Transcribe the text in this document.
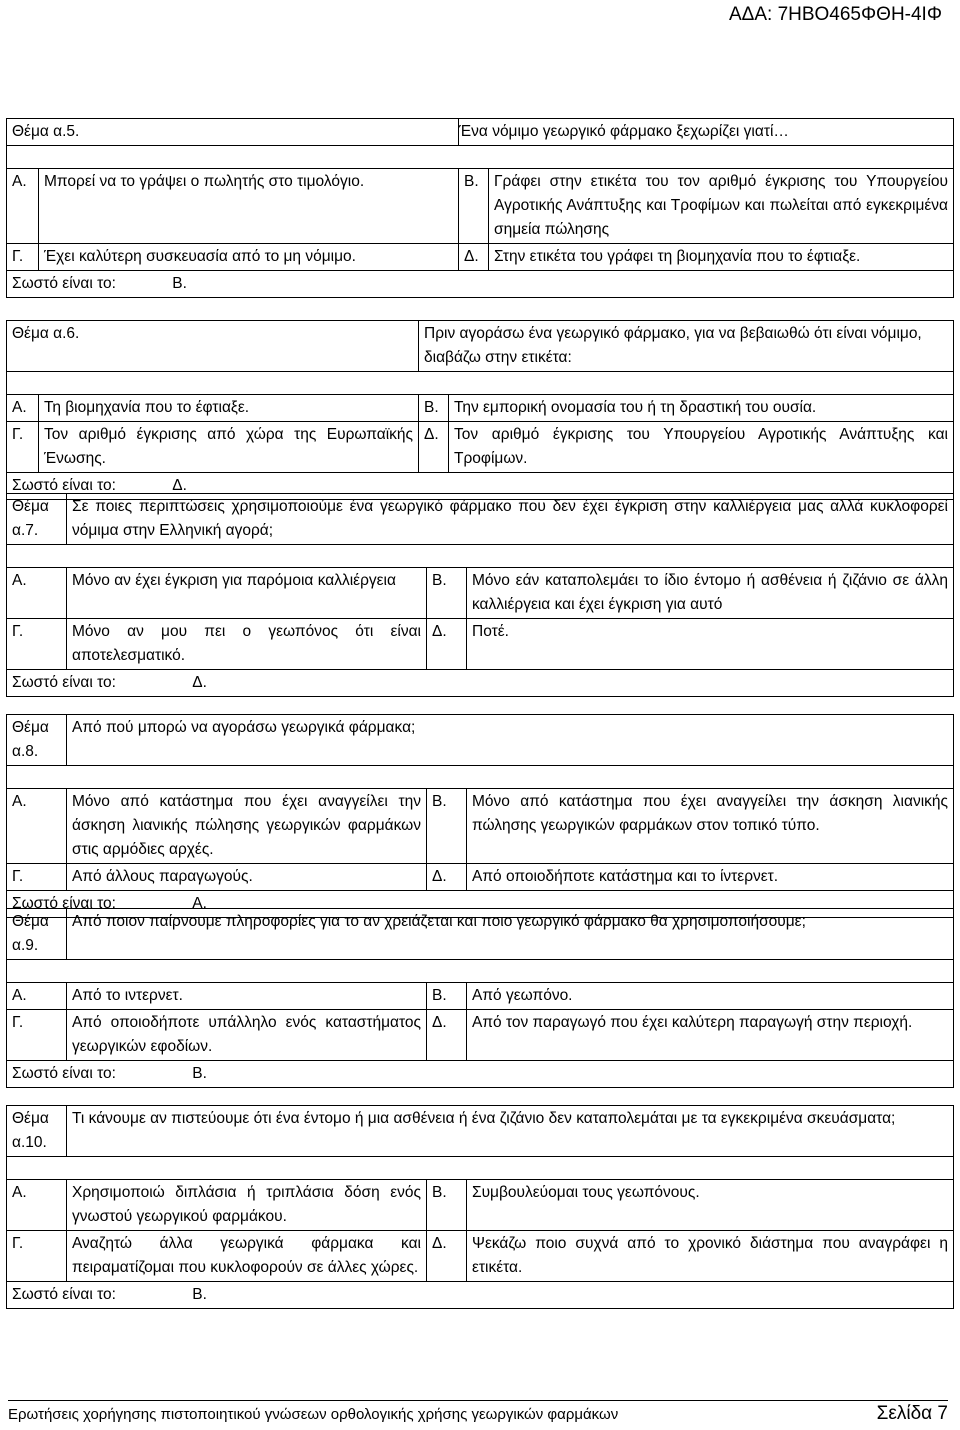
ΑΔΑ: 7ΗΒΟ465ΦΘΗ-4ΙΦ
Θέμα α.5.		Ένα νόμιμο γεωργικό φάρμακο ξεχωρίζει γιατί…	

Α.	Μπορεί να το γράψει ο πωλητής στο τιμολόγιο.	Β.	Γράφει στην ετικέτα του τον αριθμό έγκρισης του Υπουργείου Αγροτικής Ανάπτυξης και Τροφίμων και πωλείται από εγκεκριμένα σημεία πώλησης
Γ.	Έχει καλύτερη συσκευασία από το μη νόμιμο.	Δ.	Στην ετικέτα του γράφει τη βιομηχανία που το έφτιαξε.
Σωστό είναι το: Β.			
Θέμα α.6.		Πριν αγοράσω ένα γεωργικό φάρμακο, για να βεβαιωθώ ότι είναι νόμιμο, διαβάζω στην ετικέτα:	

Α.	Τη βιομηχανία που το έφτιαξε.	Β.	Την εμπορική ονομασία του ή τη δραστική του ουσία.
Γ.	Τον αριθμό έγκρισης από χώρα της Ευρωπαϊκής Ένωσης.	Δ.	Τον αριθμό έγκρισης του Υπουργείου Αγροτικής Ανάπτυξης και Τροφίμων.
Σωστό είναι το: Δ.			
Θέμα α.7.	Σε ποιες περιπτώσεις χρησιμοποιούμε ένα γεωργικό φάρμακο που δεν έχει έγκριση στην καλλιέργεια μας αλλά κυκλοφορεί νόμιμα στην Ελληνική αγορά;		

Α.	Μόνο αν έχει έγκριση για παρόμοια καλλιέργεια	Β.	Μόνο εάν καταπολεμάει το ίδιο έντομο ή ασθένεια ή ζιζάνιο σε άλλη καλλιέργεια και έχει έγκριση για αυτό
Γ.	Μόνο αν μου πει ο γεωπόνος ότι είναι αποτελεσματικό.	Δ.	Ποτέ.
Σωστό είναι το: Δ.			
Θέμα α.8.	Από πού μπορώ να αγοράσω γεωργικά φάρμακα;		

Α.	Μόνο από κατάστημα που έχει αναγγείλει την άσκηση λιανικής πώλησης γεωργικών φαρμάκων στις αρμόδιες αρχές.	Β.	Μόνο από κατάστημα που έχει αναγγείλει την άσκηση λιανικής πώλησης γεωργικών φαρμάκων στον τοπικό τύπο.
Γ.	Από άλλους παραγωγούς.	Δ.	Από οποιοδήποτε κατάστημα και το ίντερνετ.
Σωστό είναι το: Α.			
Θέμα α.9.	Από ποιον παίρνουμε πληροφορίες για το αν χρειάζεται και ποιο γεωργικό φάρμακο θα χρησιμοποιήσουμε;		

Α.	Από το ιντερνετ.	Β.	Από γεωπόνο.
Γ.	Από οποιοδήποτε υπάλληλο ενός καταστήματος γεωργικών εφοδίων.	Δ.	Από τον παραγωγό που έχει καλύτερη παραγωγή στην περιοχή.
Σωστό είναι το: Β.			
Θέμα α.10.	Τι κάνουμε αν πιστεύουμε ότι ένα έντομο ή μια ασθένεια ή ένα ζιζάνιο δεν καταπολεμάται με τα εγκεκριμένα σκευάσματα;		

Α.	Χρησιμοποιώ διπλάσια ή τριπλάσια δόση ενός γνωστού γεωργικού φαρμάκου.	Β.	Συμβουλεύομαι τους γεωπόνους.
Γ.	Αναζητώ άλλα γεωργικά φάρμακα και πειραματίζομαι που κυκλοφορούν σε άλλες χώρες.	Δ.	Ψεκάζω ποιο συχνά από το χρονικό διάστημα που αναγράφει η ετικέτα.
Σωστό είναι το: Β.			
Ερωτήσεις χορήγησης πιστοποιητικού γνώσεων ορθολογικής χρήσης γεωργικών φαρμάκων	Σελίδα 7
